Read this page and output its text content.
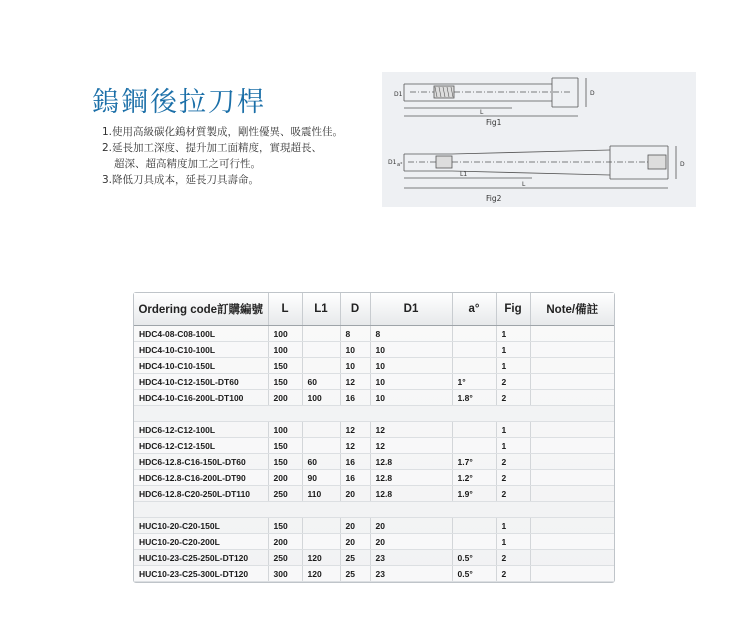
鎢鋼後拉刀桿
1.使用高級碳化鎢材質製成，剛性優異、吸震性佳。
2.延長加工深度、提升加工面精度，實現超長、
超深、超高精度加工之可行性。
3.降低刀具成本，延長刀具壽命。
D1
L
D
Fig1
D1 a°
L1
L
D
Fig2
Ordering code訂購編號	L	L1	D	D1	a°	Fig	Note/備註
HDC4-08-C08-100L	100		8	8		1	
HDC4-10-C10-100L	100		10	10		1	
HDC4-10-C10-150L	150		10	10		1	
HDC4-10-C12-150L-DT60	150	60	12	10	1°	2	
HDC4-10-C16-200L-DT100	200	100	16	10	1.8°	2	

HDC6-12-C12-100L	100		12	12		1	
HDC6-12-C12-150L	150		12	12		1	
HDC6-12.8-C16-150L-DT60	150	60	16	12.8	1.7°	2	
HDC6-12.8-C16-200L-DT90	200	90	16	12.8	1.2°	2	
HDC6-12.8-C20-250L-DT110	250	110	20	12.8	1.9°	2	

HUC10-20-C20-150L	150		20	20		1	
HUC10-20-C20-200L	200		20	20		1	
HUC10-23-C25-250L-DT120	250	120	25	23	0.5°	2	
HUC10-23-C25-300L-DT120	300	120	25	23	0.5°	2	
